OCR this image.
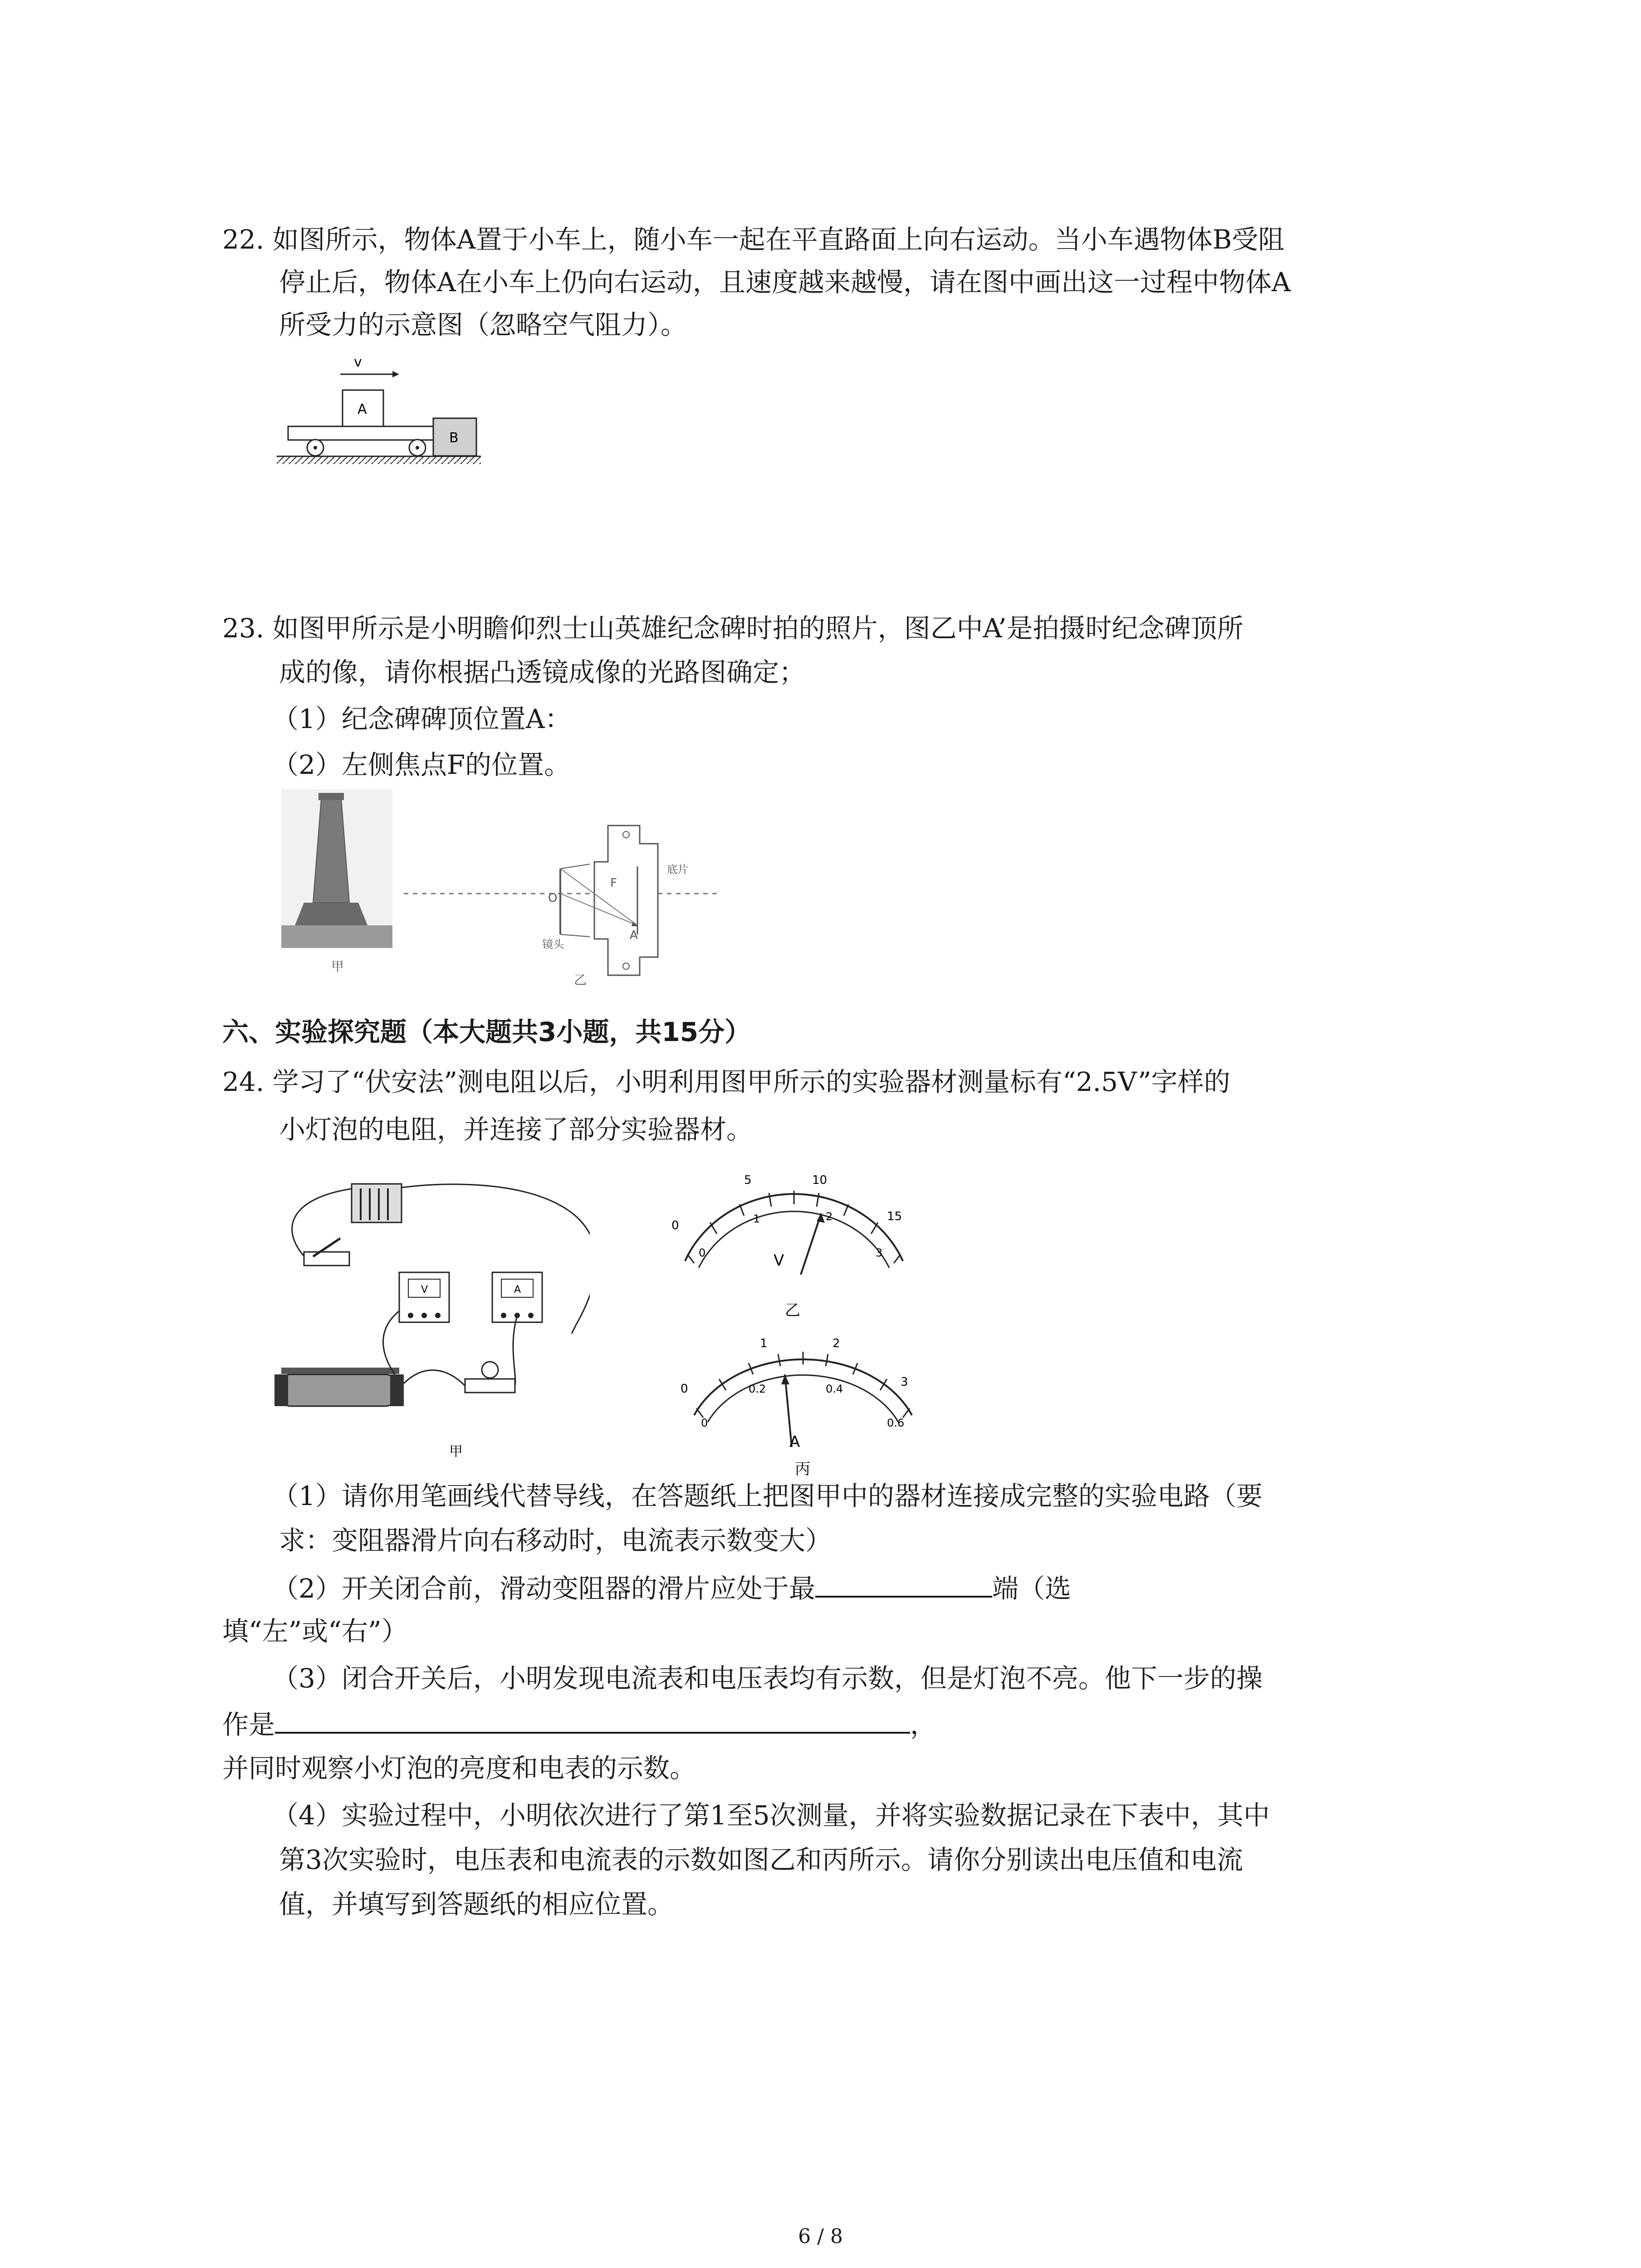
22. 如图所示，物体A置于小车上，随小车一起在平直路面上向右运动。当小车遇物体B受阻
停止后，物体A在小车上仍向右运动，且速度越来越慢，请在图中画出这一过程中物体A
所受力的示意图（忽略空气阻力）。
v
A
B
23. 如图甲所示是小明瞻仰烈士山英雄纪念碑时拍的照片，图乙中A’是拍摄时纪念碑顶所
成的像，请你根据凸透镜成像的光路图确定；
（1）纪念碑碑顶位置A：
（2）左侧焦点F的位置。
甲
O
F
A
底片
镜头
乙
六、实验探究题（本大题共3小题，共15分）
24. 学习了“伏安法”测电阻以后，小明利用图甲所示的实验器材测量标有“2.5V”字样的
小灯泡的电阻，并连接了部分实验器材。
V	A
甲
0
5	10
15
0
1	2
3
V
乙
0
1	2
3
0
0.2	0.4
0.6
A
丙
（1）请你用笔画线代替导线，在答题纸上把图甲中的器材连接成完整的实验电路（要
求：变阻器滑片向右移动时，电流表示数变大）
（2）开关闭合前，滑动变阻器的滑片应处于最	端（选
填“左”或“右”）
（3）闭合开关后，小明发现电流表和电压表均有示数，但是灯泡不亮。他下一步的操
作是	，
并同时观察小灯泡的亮度和电表的示数。
（4）实验过程中，小明依次进行了第1至5次测量，并将实验数据记录在下表中，其中
第3次实验时，电压表和电流表的示数如图乙和丙所示。请你分别读出电压值和电流
值，并填写到答题纸的相应位置。
6 / 8
